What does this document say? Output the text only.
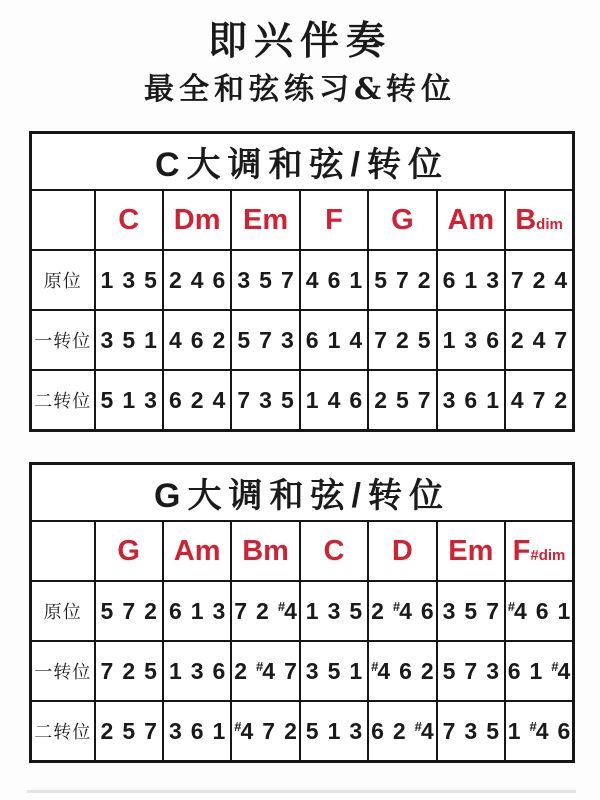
即兴伴奏
最全和弦练习&转位
C大调和弦/转位							
	C	Dm	Em	F	G	Am	Bdim
原位	1 3 5	2 4 6	3 5 7	4 6 1	5 7 2	6 1 3	7 2 4

一转位	3 5 1	4 6 2	5 7 3	6 1 4	7 2 5	1 3 6	2 4 7

二转位	5 1 3	6 2 4	7 3 5	1 4 6	2 5 7	3 6 1	4 7 2
G大调和弦/转位							
	G	Am	Bm	C	D	Em	F#dim
原位	5 7 2	6 1 3	7 2 #4	1 3 5	2 #4 6	3 5 7	#4 6 1

一转位	7 2 5	1 3 6	2 #4 7	3 5 1	#4 6 2	5 7 3	6 1 #4

二转位	2 5 7	3 6 1	#4 7 2	5 1 3	6 2 #4	7 3 5	1 #4 6
